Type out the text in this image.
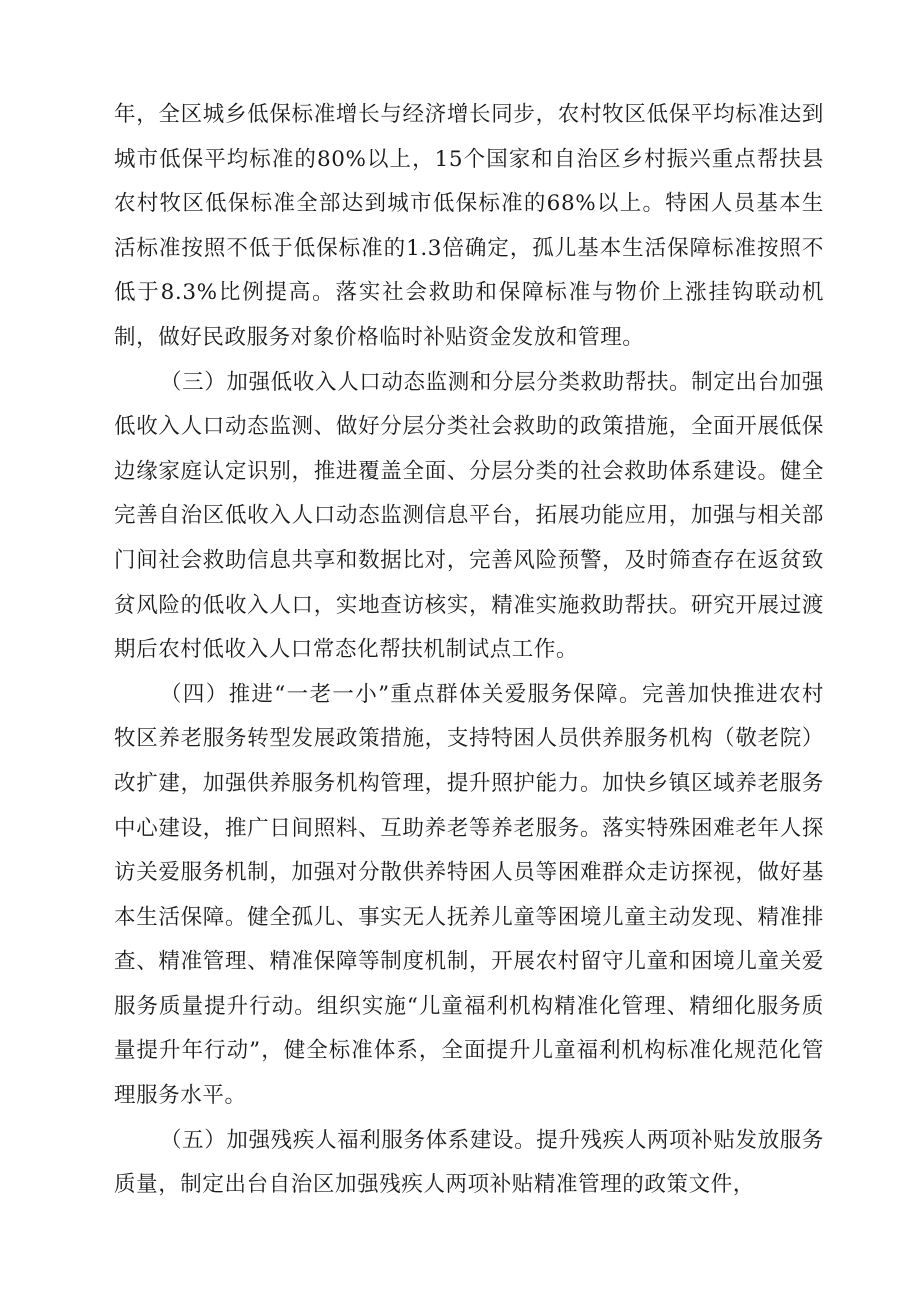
年，全区城乡低保标准增长与经济增长同步，农村牧区低保平均标准达到城市低保平均标准的80%以上，15个国家和自治区乡村振兴重点帮扶县农村牧区低保标准全部达到城市低保标准的68%以上。特困人员基本生活标准按照不低于低保标准的1.3倍确定，孤儿基本生活保障标准按照不低于8.3%比例提高。落实社会救助和保障标准与物价上涨挂钩联动机制，做好民政服务对象价格临时补贴资金发放和管理。

（三）加强低收入人口动态监测和分层分类救助帮扶。制定出台加强低收入人口动态监测、做好分层分类社会救助的政策措施，全面开展低保边缘家庭认定识别，推进覆盖全面、分层分类的社会救助体系建设。健全完善自治区低收入人口动态监测信息平台，拓展功能应用，加强与相关部门间社会救助信息共享和数据比对，完善风险预警，及时筛查存在返贫致贫风险的低收入人口，实地查访核实，精准实施救助帮扶。研究开展过渡期后农村低收入人口常态化帮扶机制试点工作。

（四）推进“一老一小”重点群体关爱服务保障。完善加快推进农村牧区养老服务转型发展政策措施，支持特困人员供养服务机构（敬老院）改扩建，加强供养服务机构管理，提升照护能力。加快乡镇区域养老服务中心建设，推广日间照料、互助养老等养老服务。落实特殊困难老年人探访关爱服务机制，加强对分散供养特困人员等困难群众走访探视，做好基本生活保障。健全孤儿、事实无人抚养儿童等困境儿童主动发现、精准排查、精准管理、精准保障等制度机制，开展农村留守儿童和困境儿童关爱服务质量提升行动。组织实施“儿童福利机构精准化管理、精细化服务质量提升年行动”，健全标准体系，全面提升儿童福利机构标准化规范化管理服务水平。

（五）加强残疾人福利服务体系建设。提升残疾人两项补贴发放服务质量，制定出台自治区加强残疾人两项补贴精准管理的政策文件，
